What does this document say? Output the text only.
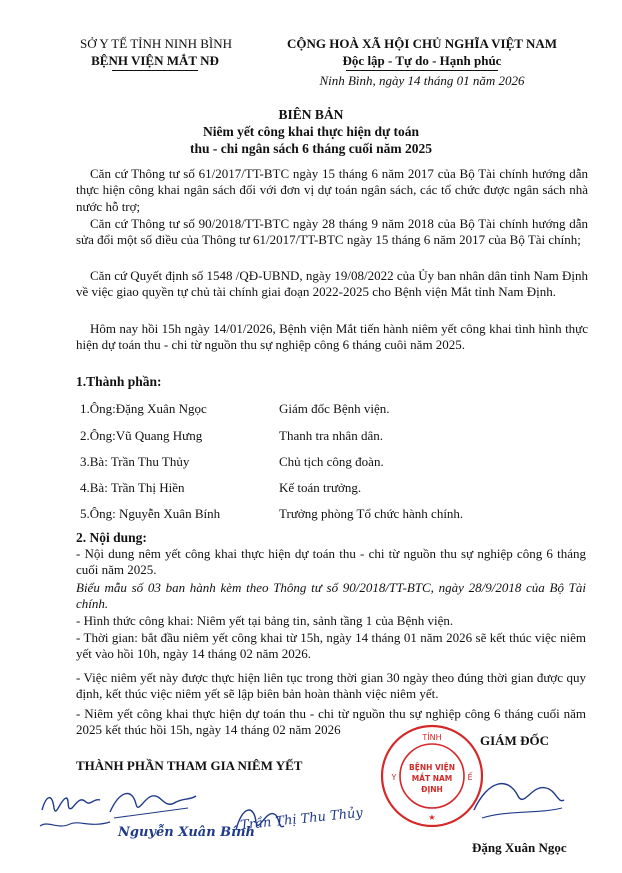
SỞ Y TẾ TỈNH NINH BÌNH
BỆNH VIỆN MẮT NĐ
CỘNG HOÀ XÃ HỘI CHỦ NGHĨA VIỆT NAM
Độc lập - Tự do - Hạnh phúc
Ninh Bình, ngày 14 tháng 01 năm 2026
BIÊN BẢN
Niêm yết công khai thực hiện dự toán
thu - chi ngân sách 6 tháng cuối năm 2025
Căn cứ Thông tư số 61/2017/TT-BTC ngày 15 tháng 6 năm 2017 của Bộ Tài chính hướng dẫn thực hiện công khai ngân sách đối với đơn vị dự toán ngân sách, các tổ chức được ngân sách nhà nước hỗ trợ;
Căn cứ Thông tư số 90/2018/TT-BTC ngày 28 tháng 9 năm 2018 của Bộ Tài chính hướng dẫn sửa đổi một số điều của Thông tư 61/2017/TT-BTC ngày 15 tháng 6 năm 2017 của Bộ Tài chính;
Căn cứ Quyết định số 1548 /QĐ-UBND, ngày 19/08/2022 của Ủy ban nhân dân tỉnh Nam Định về việc giao quyền tự chủ tài chính giai đoạn 2022-2025 cho Bệnh viện Mắt tỉnh Nam Định.
Hôm nay hồi 15h ngày 14/01/2026, Bệnh viện Mắt tiến hành niêm yết công khai tình hình thực hiện dự toán thu - chi từ nguồn thu sự nghiệp công 6 tháng cuôi năm 2025.
1.Thành phần:
1.Ông:Đặng Xuân Ngọc	Giám đốc Bệnh viện.
2.Ông:Vũ Quang Hưng	Thanh tra nhân dân.
3.Bà: Trần Thu Thủy	Chủ tịch công đoàn.
4.Bà: Trần Thị Hiền	Kế toán trưởng.
5.Ông: Nguyễn Xuân Bính	Trưởng phòng Tổ chức hành chính.
2. Nội dung:
- Nội dung nêm yết công khai thực hiện dự toán thu - chi từ nguồn thu sự nghiệp công 6 tháng cuối năm 2025.
Biểu mẫu số 03 ban hành kèm theo Thông tư số 90/2018/TT-BTC, ngày 28/9/2018 của Bộ Tài chính.
- Hình thức công khai: Niêm yết tại bảng tin, sảnh tầng 1 của Bệnh viện.
- Thời gian: bắt đầu niêm yết công khai từ 15h, ngày 14 tháng 01 năm 2026 sẽ kết thúc việc niêm yết vào hồi 10h, ngày 14 tháng 02 năm 2026.
- Việc niêm yết này được thực hiện liên tục trong thời gian 30 ngày theo đúng thời gian được quy định, kết thúc việc niêm yết sẽ lập biên bản hoàn thành việc niêm yết.
- Niêm yết công khai thực hiện dự toán thu - chi từ nguồn thu sự nghiệp công 6 tháng cuối năm 2025 kết thúc hồi 15h, ngày 14 tháng 02 năm 2026
THÀNH PHẦN THAM GIA NIÊM YẾT
GIÁM ĐỐC
Nguyễn Xuân Bính
Trần Thị Thu Thủy
TỈNH
★
Y	Ế
BỆNH VIỆN MẮT NAM ĐỊNH
Đặng Xuân Ngọc
